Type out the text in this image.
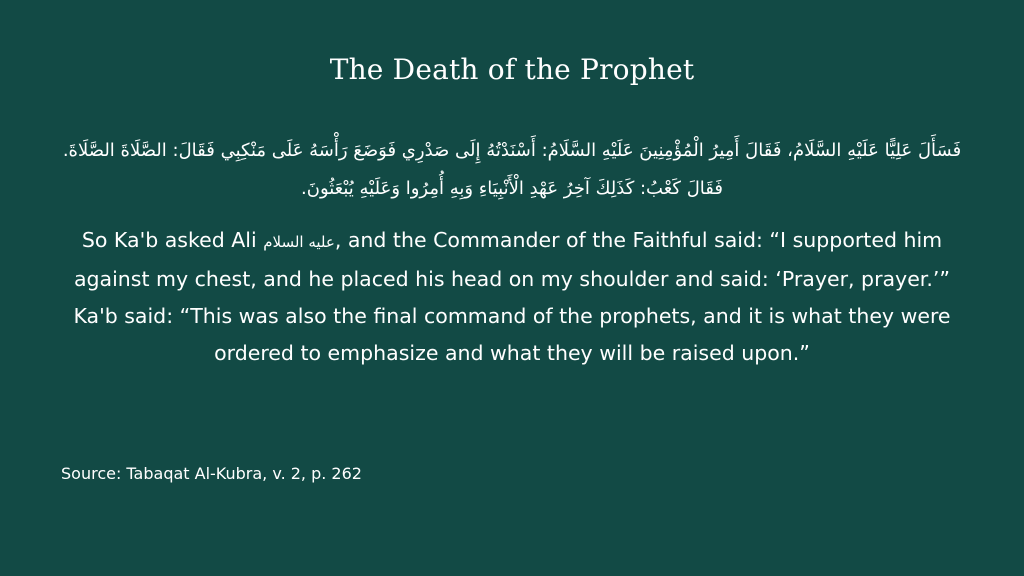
The Death of the Prophet
فَسَأَلَ عَلِيًّا عَلَيْهِ السَّلَامُ، فَقَالَ أَمِيرُ الْمُؤْمِنِينَ عَلَيْهِ السَّلَامُ: أَسْنَدْتُهُ إِلَى صَدْرِي فَوَضَعَ رَأْسَهُ عَلَى مَنْكِبِي فَقَالَ: الصَّلَاةَ الصَّلَاةَ. فَقَالَ كَعْبُ: كَذَلِكَ آخِرُ عَهْدِ الْأَنْبِيَاءِ وَبِهِ أُمِرُوا وَعَلَيْهِ يُبْعَثُونَ.
So Ka'b asked Ali عليه السلام, and the Commander of the Faithful said: “I supported him against my chest, and he placed his head on my shoulder and said: ‘Prayer, prayer.’” Ka'b said: “This was also the final command of the prophets, and it is what they were ordered to emphasize and what they will be raised upon.”
Source: Tabaqat Al-Kubra, v. 2, p. 262
